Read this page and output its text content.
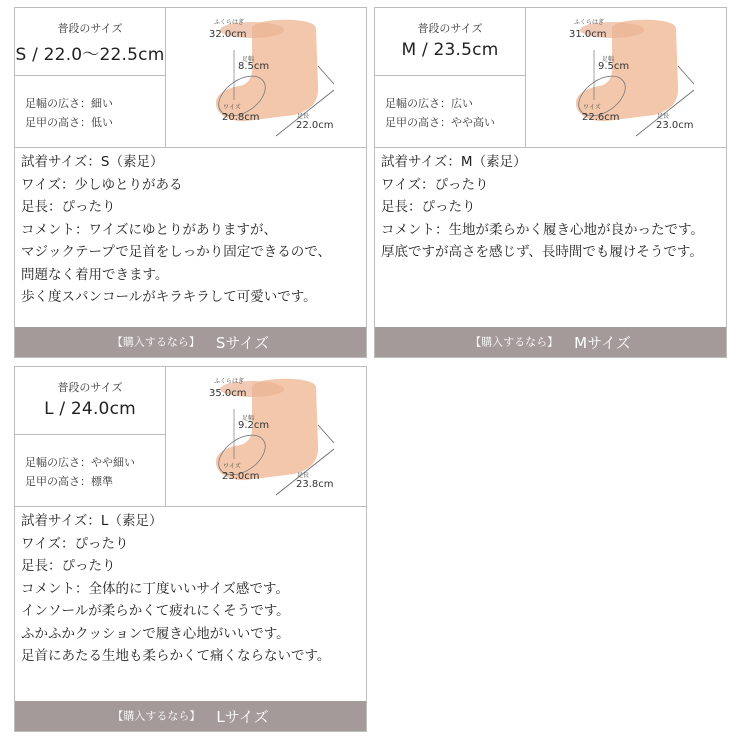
普段のサイズ
S / 22.0〜22.5cm
足幅の広さ：細い
足甲の高さ：低い
ふくらはぎ
32.0cm
足幅
8.5cm
ワイズ
20.8cm	足長
22.0cm
試着サイズ：S（素足）
ワイズ：少しゆとりがある
足長：ぴったり
コメント：ワイズにゆとりがありますが、
マジックテープで足首をしっかり固定できるので、
問題なく着用できます。
歩く度スパンコールがキラキラして可愛いです。
【購入するなら】 Sサイズ
普段のサイズ
M / 23.5cm
足幅の広さ：広い
足甲の高さ：やや高い
ふくらはぎ
31.0cm
足幅
9.5cm
ワイズ
22.6cm	足長
23.0cm
試着サイズ：M（素足）
ワイズ：ぴったり
足長：ぴったり
コメント：生地が柔らかく履き心地が良かったです。
厚底ですが高さを感じず、長時間でも履けそうです。
【購入するなら】 Mサイズ
普段のサイズ
L / 24.0cm
足幅の広さ：やや細い
足甲の高さ：標準
ふくらはぎ
35.0cm
足幅
9.2cm
ワイズ
23.0cm	足長
23.8cm
試着サイズ：L（素足）
ワイズ：ぴったり
足長：ぴったり
コメント：全体的に丁度いいサイズ感です。
インソールが柔らかくて疲れにくそうです。
ふかふかクッションで履き心地がいいです。
足首にあたる生地も柔らかくて痛くならないです。
【購入するなら】 Lサイズ
